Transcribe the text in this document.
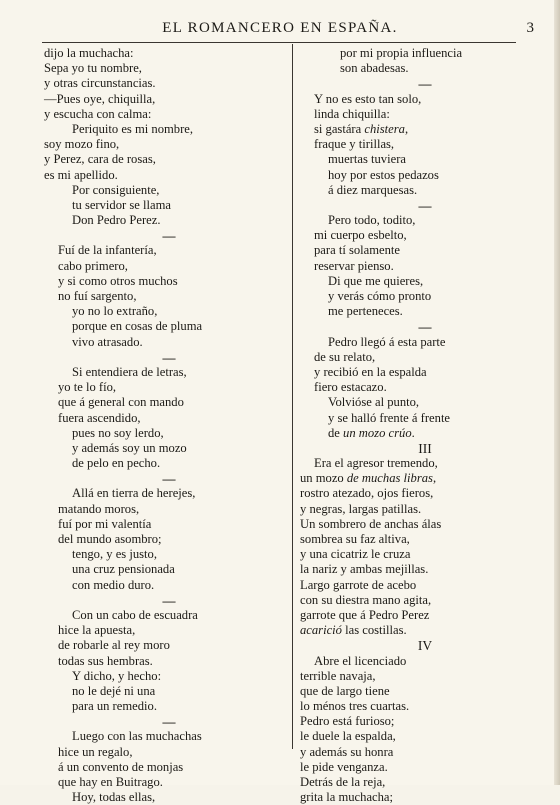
EL ROMANCERO EN ESPAÑA.	3
dijo la muchacha:
Sepa yo tu nombre,
y otras circunstancias.
—Pues oye, chiquilla,
y escucha con calma:
Periquito es mi nombre,
soy mozo fino,
y Perez, cara de rosas,
es mi apellido.
Por consiguiente,
tu servidor se llama
Don Pedro Perez.
—
Fuí de la infantería,
cabo primero,
y si como otros muchos
no fuí sargento,
yo no lo extraño,
porque en cosas de pluma
vivo atrasado.
—
Si entendiera de letras,
yo te lo fío,
que á general con mando
fuera ascendido,
pues no soy lerdo,
y además soy un mozo
de pelo en pecho.
—
Allá en tierra de herejes,
matando moros,
fuí por mi valentía
del mundo asombro;
tengo, y es justo,
una cruz pensionada
con medio duro.
—
Con un cabo de escuadra
hice la apuesta,
de robarle al rey moro
todas sus hembras.
Y dicho, y hecho:
no le dejé ni una
para un remedio.
—
Luego con las muchachas
hice un regalo,
á un convento de monjas
que hay en Buitrago.
Hoy, todas ellas,
por mi propia influencia
son abadesas.
—
Y no es esto tan solo,
linda chiquilla:
si gastára chistera,
fraque y tirillas,
muertas tuviera
hoy por estos pedazos
á diez marquesas.
—
Pero todo, todito,
mi cuerpo esbelto,
para tí solamente
reservar pienso.
Di que me quieres,
y verás cómo pronto
me perteneces.
—
Pedro llegó á esta parte
de su relato,
y recibió en la espalda
fiero estacazo.
Volvióse al punto,
y se halló frente á frente
de un mozo crúo.
III
Era el agresor tremendo,
un mozo de muchas libras,
rostro atezado, ojos fieros,
y negras, largas patillas.
Un sombrero de anchas álas
sombrea su faz altiva,
y una cicatriz le cruza
la nariz y ambas mejillas.
Largo garrote de acebo
con su diestra mano agita,
garrote que á Pedro Perez
acarició las costillas.
IV
Abre el licenciado
terrible navaja,
que de largo tiene
lo ménos tres cuartas.
Pedro está furioso;
le duele la espalda,
y además su honra
le pide venganza.
Detrás de la reja,
grita la muchacha;
